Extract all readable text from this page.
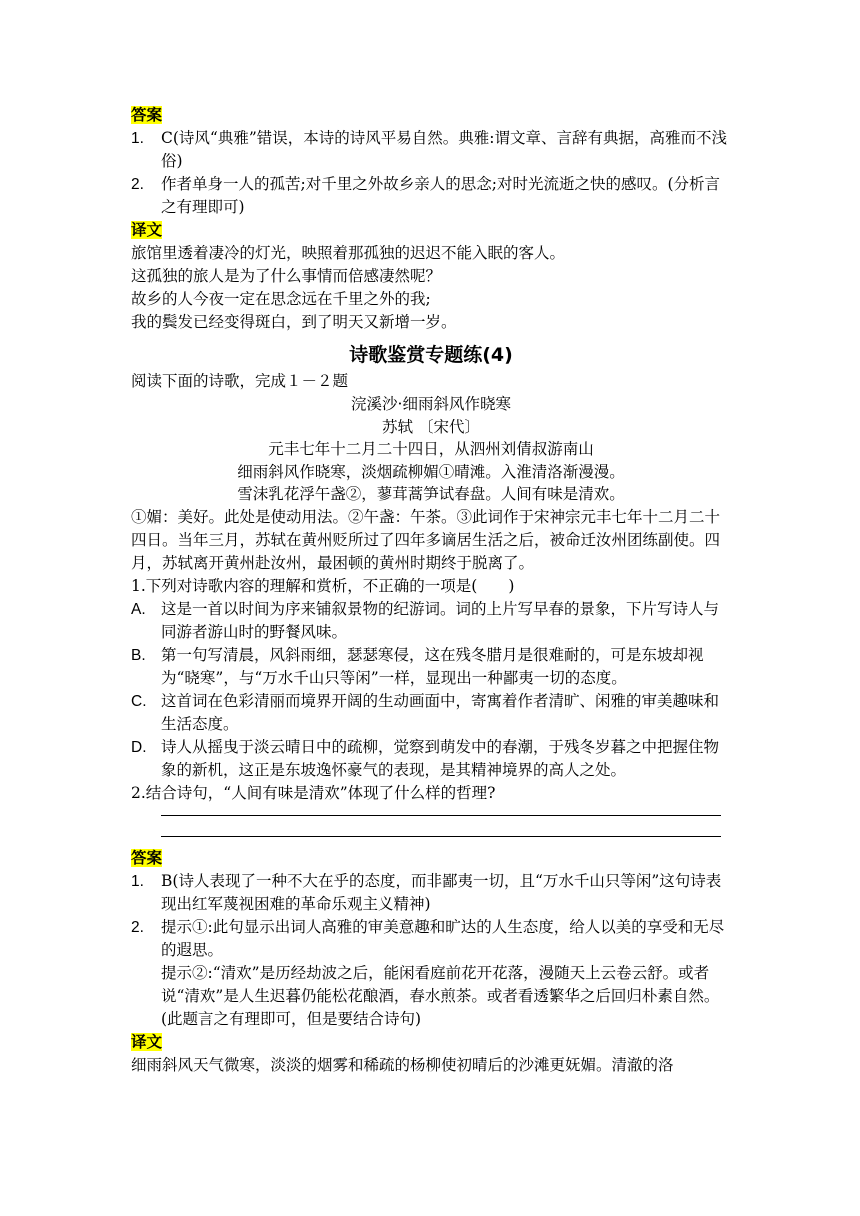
答案
1.	C(诗风“典雅”错误，本诗的诗风平易自然。典雅:谓文章、言辞有典据，高雅而不浅俗)
2.	作者单身一人的孤苦;对千里之外故乡亲人的思念;对时光流逝之快的感叹。(分析言之有理即可)
译文
旅馆里透着凄冷的灯光，映照着那孤独的迟迟不能入眠的客人。
这孤独的旅人是为了什么事情而倍感凄然呢？
故乡的人今夜一定在思念远在千里之外的我;
我的鬓发已经变得斑白，到了明天又新增一岁。
诗歌鉴赏专题练(4)
阅读下面的诗歌，完成１－２题
浣溪沙·细雨斜风作晓寒
苏轼 〔宋代〕
元丰七年十二月二十四日，从泗州刘倩叔游南山
细雨斜风作晓寒，淡烟疏柳媚①晴滩。入淮清洛渐漫漫。
雪沫乳花浮午盏②，蓼茸蒿笋试春盘。人间有味是清欢。
①媚：美好。此处是使动用法。②午盏：午茶。③此词作于宋神宗元丰七年十二月二十四日。当年三月，苏轼在黄州贬所过了四年多谪居生活之后，被命迁汝州团练副使。四月，苏轼离开黄州赴汝州，最困顿的黄州时期终于脱离了。
1.下列对诗歌内容的理解和赏析，不正确的一项是(　　)
A. 这是一首以时间为序来铺叙景物的纪游词。词的上片写早春的景象，下片写诗人与同游者游山时的野餐风味。
B. 第一句写清晨，风斜雨细，瑟瑟寒侵，这在残冬腊月是很难耐的，可是东坡却视为“晓寒”，与“万水千山只等闲”一样，显现出一种鄙夷一切的态度。
C. 这首词在色彩清丽而境界开阔的生动画面中，寄寓着作者清旷、闲雅的审美趣味和生活态度。
D. 诗人从摇曳于淡云晴日中的疏柳，觉察到萌发中的春潮，于残冬岁暮之中把握住物象的新机，这正是东坡逸怀豪气的表现，是其精神境界的高人之处。
2.结合诗句，“人间有味是清欢”体现了什么样的哲理?
答案
1.	B(诗人表现了一种不大在乎的态度，而非鄙夷一切，且“万水千山只等闲”这句诗表现出红军蔑视困难的革命乐观主义精神)
2.	提示①:此句显示出词人高雅的审美意趣和旷达的人生态度，给人以美的享受和无尽的遐思。
提示②:“清欢”是历经劫波之后，能闲看庭前花开花落，漫随天上云卷云舒。或者说“清欢”是人生迟暮仍能松花酿酒，春水煎茶。或者看透繁华之后回归朴素自然。
(此题言之有理即可，但是要结合诗句)
译文
细雨斜风天气微寒，淡淡的烟雾和稀疏的杨柳使初晴后的沙滩更妩媚。清澈的洛
